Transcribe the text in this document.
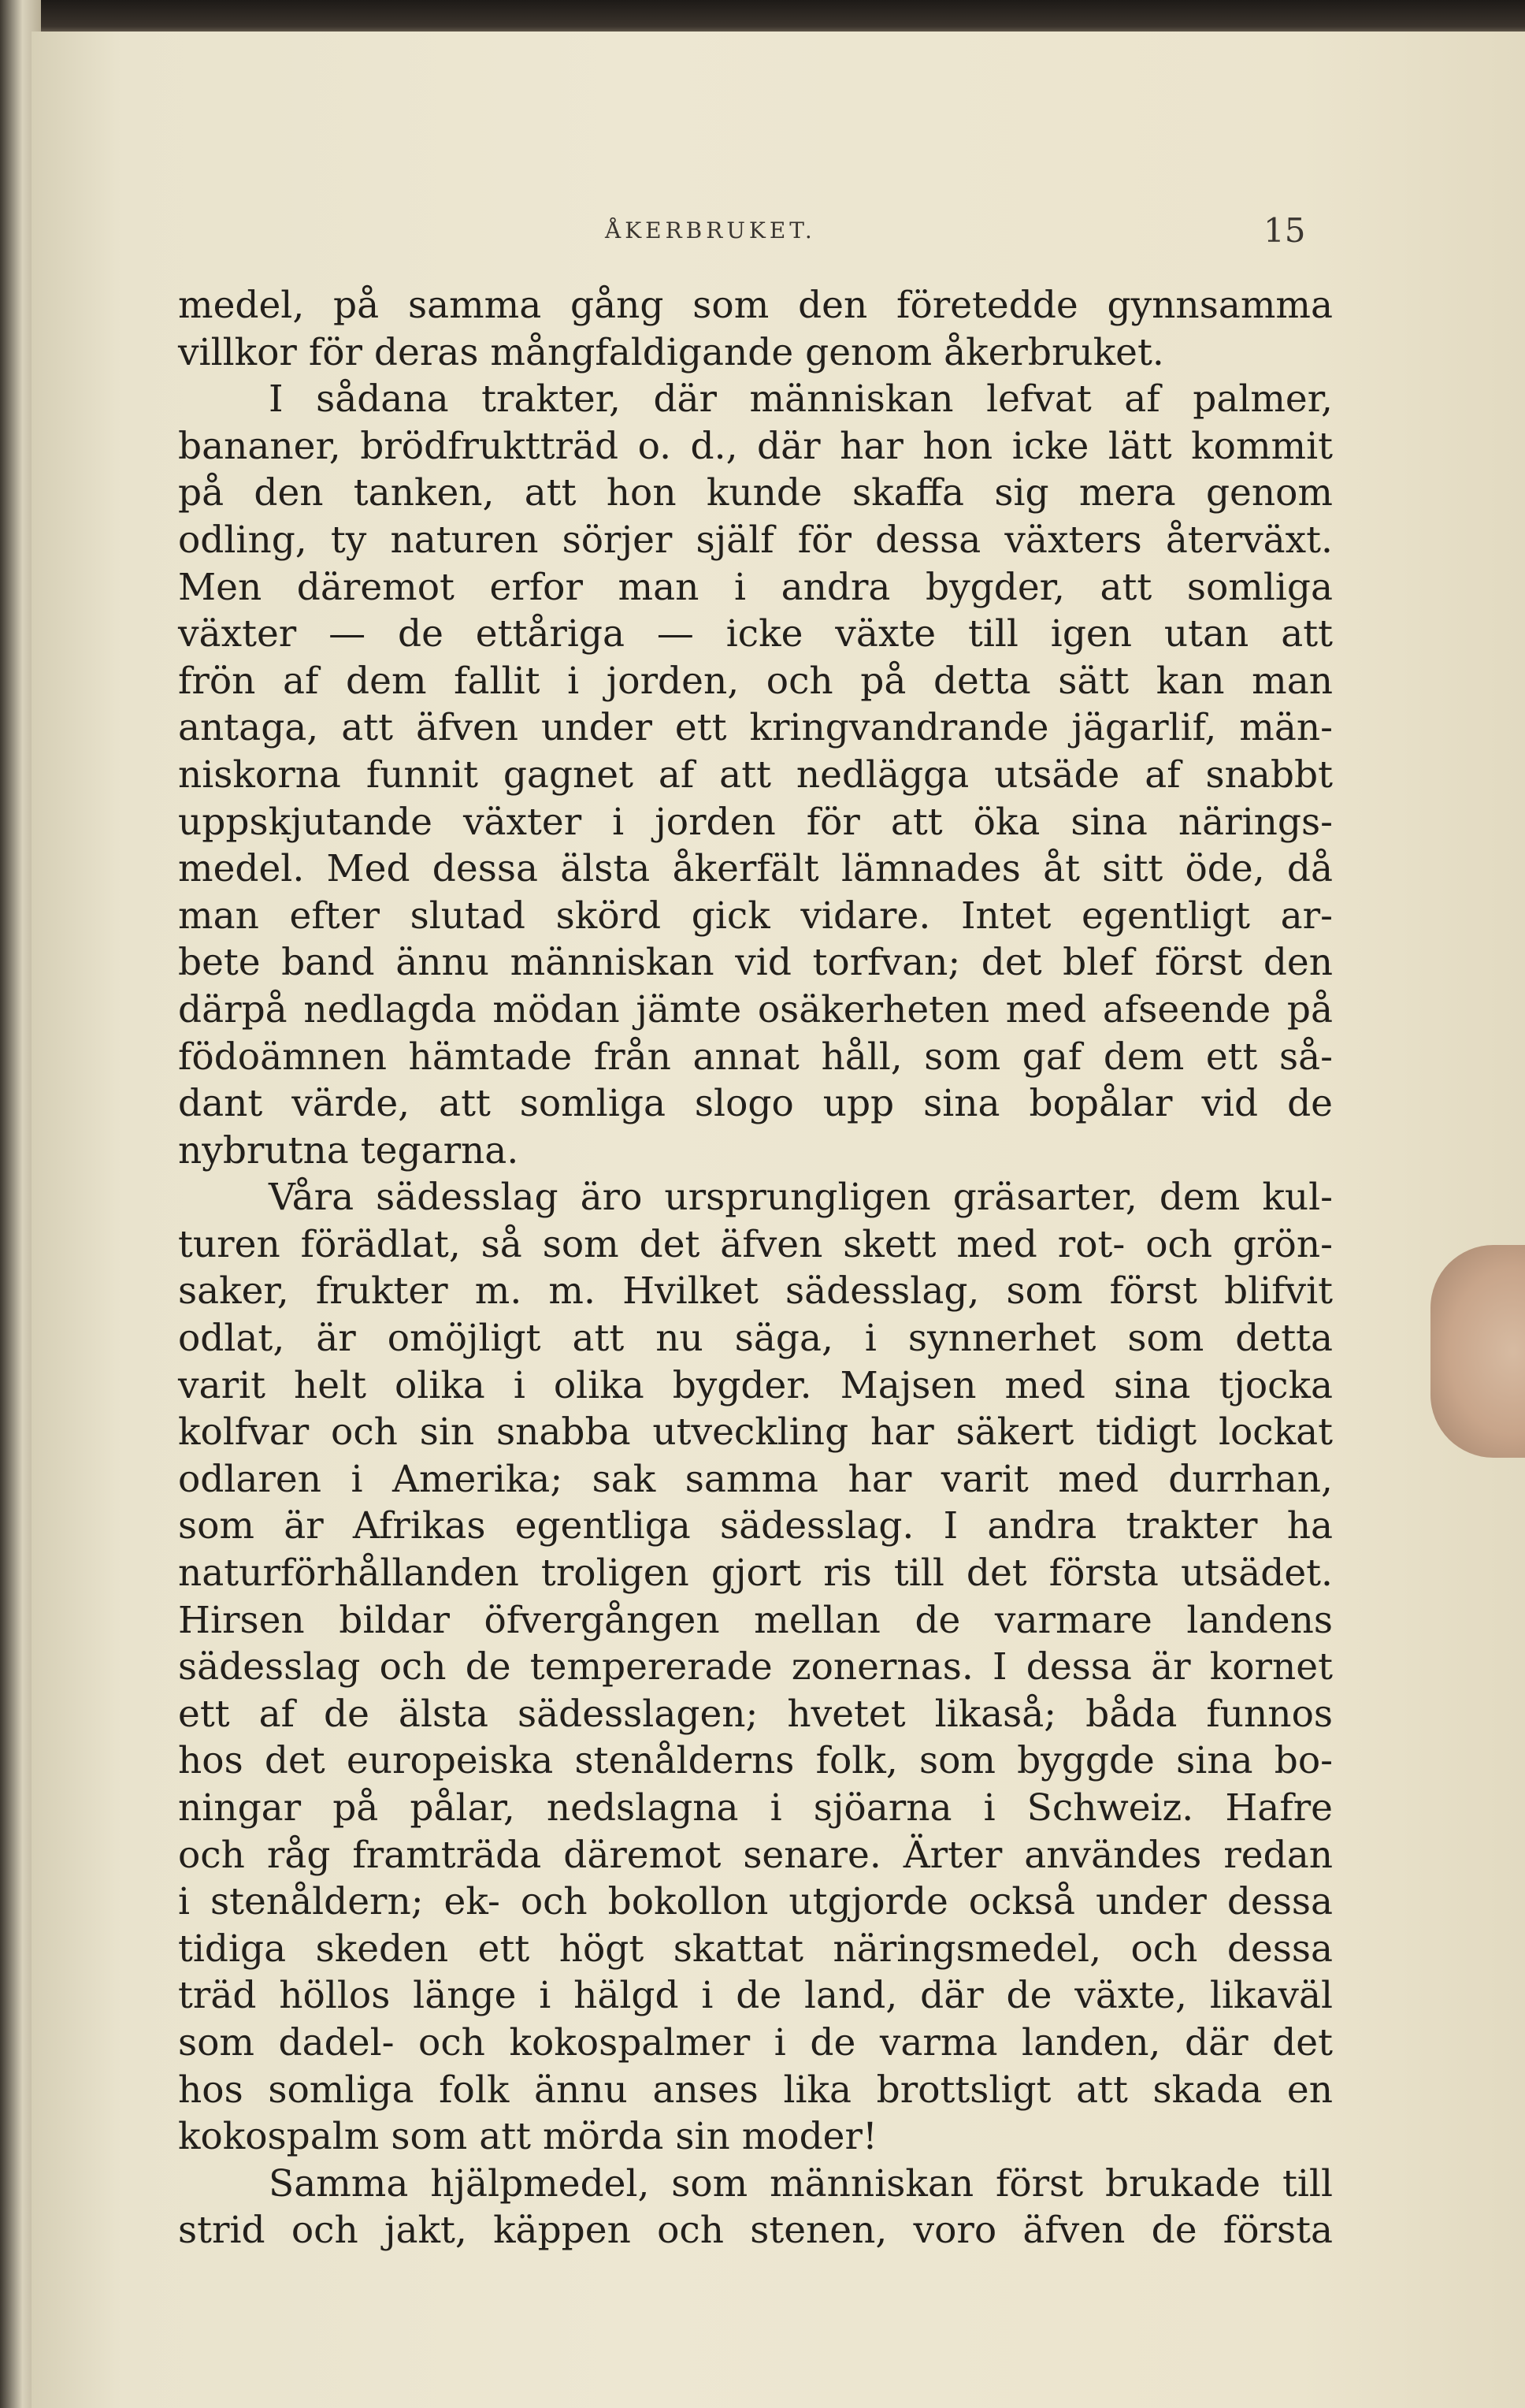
ÅKERBRUKET.	15
medel, på samma gång som den företedde gynnsamma
villkor för deras mångfaldigande genom åkerbruket.
I sådana trakter, där människan lefvat af palmer,
bananer, brödfruktträd o. d., där har hon icke lätt kommit
på den tanken, att hon kunde skaffa sig mera genom
odling, ty naturen sörjer själf för dessa växters återväxt.
Men däremot erfor man i andra bygder, att somliga
växter — de ettåriga — icke växte till igen utan att
frön af dem fallit i jorden, och på detta sätt kan man
antaga, att äfven under ett kringvandrande jägarlif, män-
niskorna funnit gagnet af att nedlägga utsäde af snabbt
uppskjutande växter i jorden för att öka sina närings-
medel. Med dessa älsta åkerfält lämnades åt sitt öde, då
man efter slutad skörd gick vidare. Intet egentligt ar-
bete band ännu människan vid torfvan; det blef först den
därpå nedlagda mödan jämte osäkerheten med afseende på
födoämnen hämtade från annat håll, som gaf dem ett så-
dant värde, att somliga slogo upp sina bopålar vid de
nybrutna tegarna.
Våra sädesslag äro ursprungligen gräsarter, dem kul-
turen förädlat, så som det äfven skett med rot- och grön-
saker, frukter m. m. Hvilket sädesslag, som först blifvit
odlat, är omöjligt att nu säga, i synnerhet som detta
varit helt olika i olika bygder. Majsen med sina tjocka
kolfvar och sin snabba utveckling har säkert tidigt lockat
odlaren i Amerika; sak samma har varit med durrhan,
som är Afrikas egentliga sädesslag. I andra trakter ha
naturförhållanden troligen gjort ris till det första utsädet.
Hirsen bildar öfvergången mellan de varmare landens
sädesslag och de tempererade zonernas. I dessa är kornet
ett af de älsta sädesslagen; hvetet likaså; båda funnos
hos det europeiska stenålderns folk, som byggde sina bo-
ningar på pålar, nedslagna i sjöarna i Schweiz. Hafre
och råg framträda däremot senare. Ärter användes redan
i stenåldern; ek- och bokollon utgjorde också under dessa
tidiga skeden ett högt skattat näringsmedel, och dessa
träd höllos länge i hälgd i de land, där de växte, likaväl
som dadel- och kokospalmer i de varma landen, där det
hos somliga folk ännu anses lika brottsligt att skada en
kokospalm som att mörda sin moder!
Samma hjälpmedel, som människan först brukade till
strid och jakt, käppen och stenen, voro äfven de första
